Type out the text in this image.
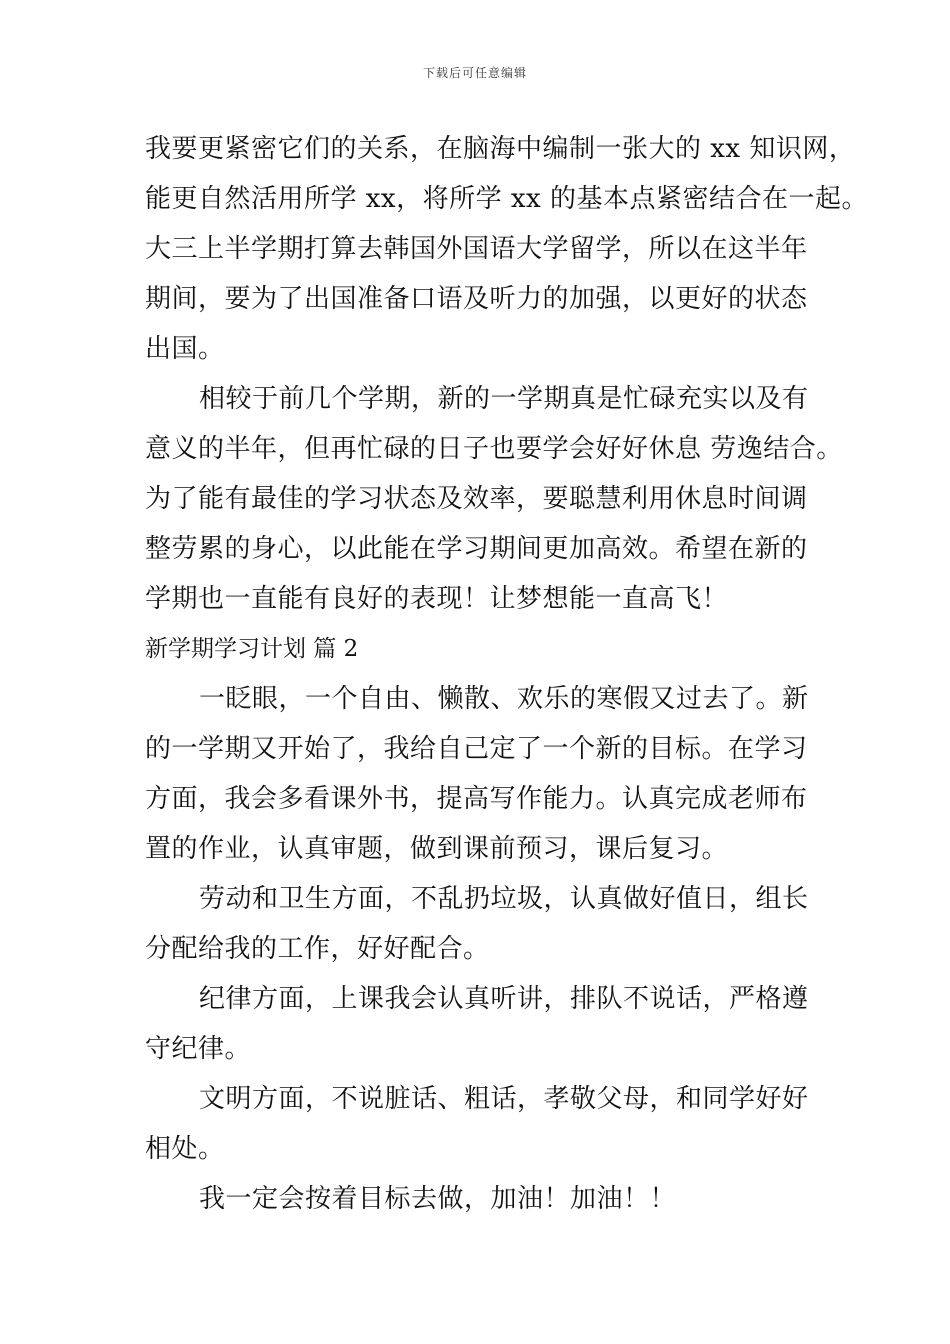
下载后可任意编辑
我要更紧密它们的关系，在脑海中编制一张大的 xx 知识网，
能更自然活用所学 xx，将所学 xx 的基本点紧密结合在一起。
大三上半学期打算去韩国外国语大学留学，所以在这半年
期间，要为了出国准备口语及听力的加强，以更好的状态
出国。
相较于前几个学期，新的一学期真是忙碌充实以及有
意义的半年，但再忙碌的日子也要学会好好休息 劳逸结合。
为了能有最佳的学习状态及效率，要聪慧利用休息时间调
整劳累的身心，以此能在学习期间更加高效。希望在新的
学期也一直能有良好的表现！让梦想能一直高飞！
新学期学习计划 篇 2
一眨眼，一个自由、懒散、欢乐的寒假又过去了。新
的一学期又开始了，我给自己定了一个新的目标。在学习
方面，我会多看课外书，提高写作能力。认真完成老师布
置的作业，认真审题，做到课前预习，课后复习。
劳动和卫生方面，不乱扔垃圾，认真做好值日，组长
分配给我的工作，好好配合。
纪律方面，上课我会认真听讲，排队不说话，严格遵
守纪律。
文明方面，不说脏话、粗话，孝敬父母，和同学好好
相处。
我一定会按着目标去做，加油！加油！！
